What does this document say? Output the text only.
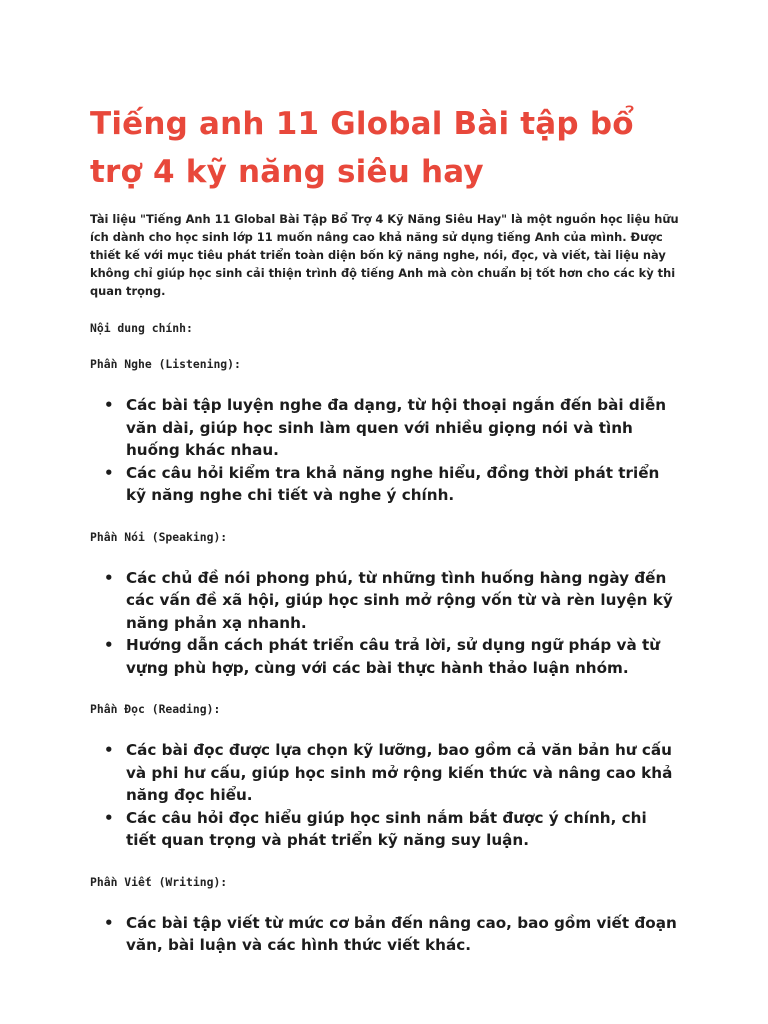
Tiếng anh 11 Global Bài tập bổ trợ 4 kỹ năng siêu hay

Tài liệu "Tiếng Anh 11 Global Bài Tập Bổ Trợ 4 Kỹ Năng Siêu Hay" là một nguồn học liệu hữu ích dành cho học sinh lớp 11 muốn nâng cao khả năng sử dụng tiếng Anh của mình. Được thiết kế với mục tiêu phát triển toàn diện bốn kỹ năng nghe, nói, đọc, và viết, tài liệu này không chỉ giúp học sinh cải thiện trình độ tiếng Anh mà còn chuẩn bị tốt hơn cho các kỳ thi quan trọng.

Nội dung chính:

Phần Nghe (Listening):

• Các bài tập luyện nghe đa dạng, từ hội thoại ngắn đến bài diễn văn dài, giúp học sinh làm quen với nhiều giọng nói và tình huống khác nhau.
• Các câu hỏi kiểm tra khả năng nghe hiểu, đồng thời phát triển kỹ năng nghe chi tiết và nghe ý chính.

Phần Nói (Speaking):

• Các chủ đề nói phong phú, từ những tình huống hàng ngày đến các vấn đề xã hội, giúp học sinh mở rộng vốn từ và rèn luyện kỹ năng phản xạ nhanh.
• Hướng dẫn cách phát triển câu trả lời, sử dụng ngữ pháp và từ vựng phù hợp, cùng với các bài thực hành thảo luận nhóm.

Phần Đọc (Reading):

• Các bài đọc được lựa chọn kỹ lưỡng, bao gồm cả văn bản hư cấu và phi hư cấu, giúp học sinh mở rộng kiến thức và nâng cao khả năng đọc hiểu.
• Các câu hỏi đọc hiểu giúp học sinh nắm bắt được ý chính, chi tiết quan trọng và phát triển kỹ năng suy luận.

Phần Viết (Writing):

• Các bài tập viết từ mức cơ bản đến nâng cao, bao gồm viết đoạn văn, bài luận và các hình thức viết khác.
